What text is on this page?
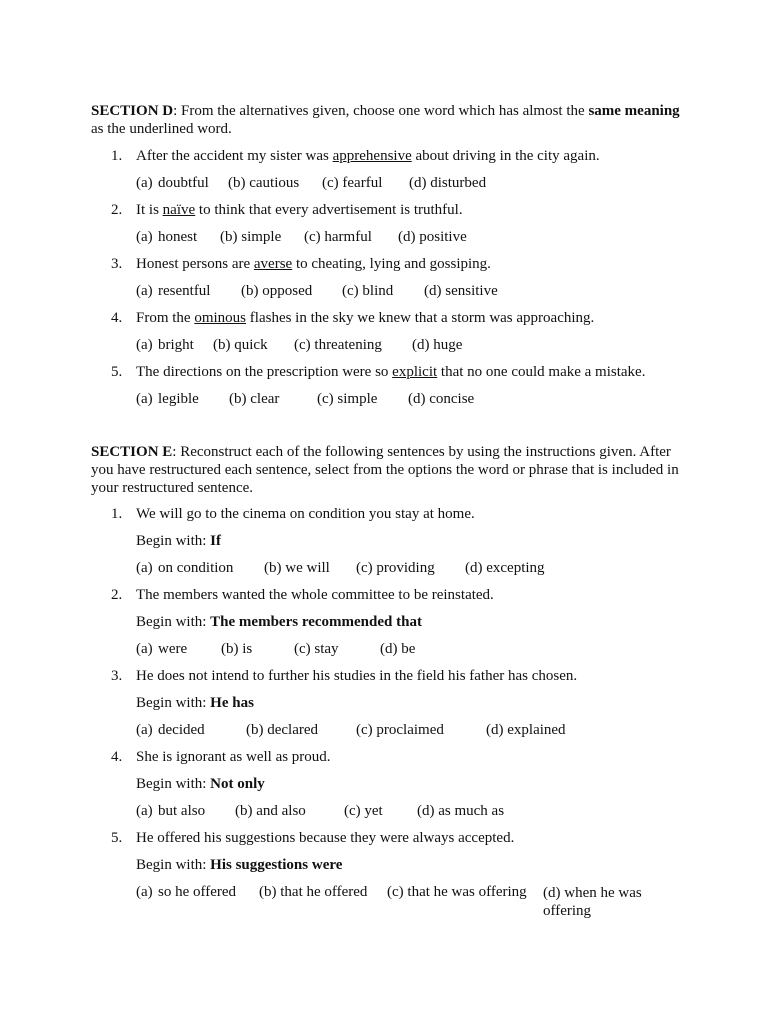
SECTION D: From the alternatives given, choose one word which has almost the same meaning as the underlined word.

1. After the accident my sister was apprehensive about driving in the city again.
(a) doubtful (b) cautious (c) fearful (d) disturbed
2. It is naïve to think that every advertisement is truthful.
(a) honest (b) simple (c) harmful (d) positive
3. Honest persons are averse to cheating, lying and gossiping.
(a) resentful (b) opposed (c) blind (d) sensitive
4. From the ominous flashes in the sky we knew that a storm was approaching.
(a) bright (b) quick (c) threatening (d) huge
5. The directions on the prescription were so explicit that no one could make a mistake.
(a) legible (b) clear	(c) simple (d) concise

SECTION E: Reconstruct each of the following sentences by using the instructions given. After you have restructured each sentence, select from the options the word or phrase that is included in your restructured sentence.

1. We will go to the cinema on condition you stay at home.
Begin with: If
(a) on condition (b) we will (c) providing (d) excepting
2. The members wanted the whole committee to be reinstated.
Begin with: The members recommended that
(a) were (b) is	(c) stay	(d) be
3. He does not intend to further his studies in the field his father has chosen.
Begin with: He has
(a) decided	(b) declared	(c) proclaimed	(d) explained
4. She is ignorant as well as proud.
Begin with: Not only
(a) but also (b) and also	(c) yet (d) as much as
5. He offered his suggestions because they were always accepted.
Begin with: His suggestions were
(a) so he offered (b) that he offered (c) that he was offering (d) when he was offering
